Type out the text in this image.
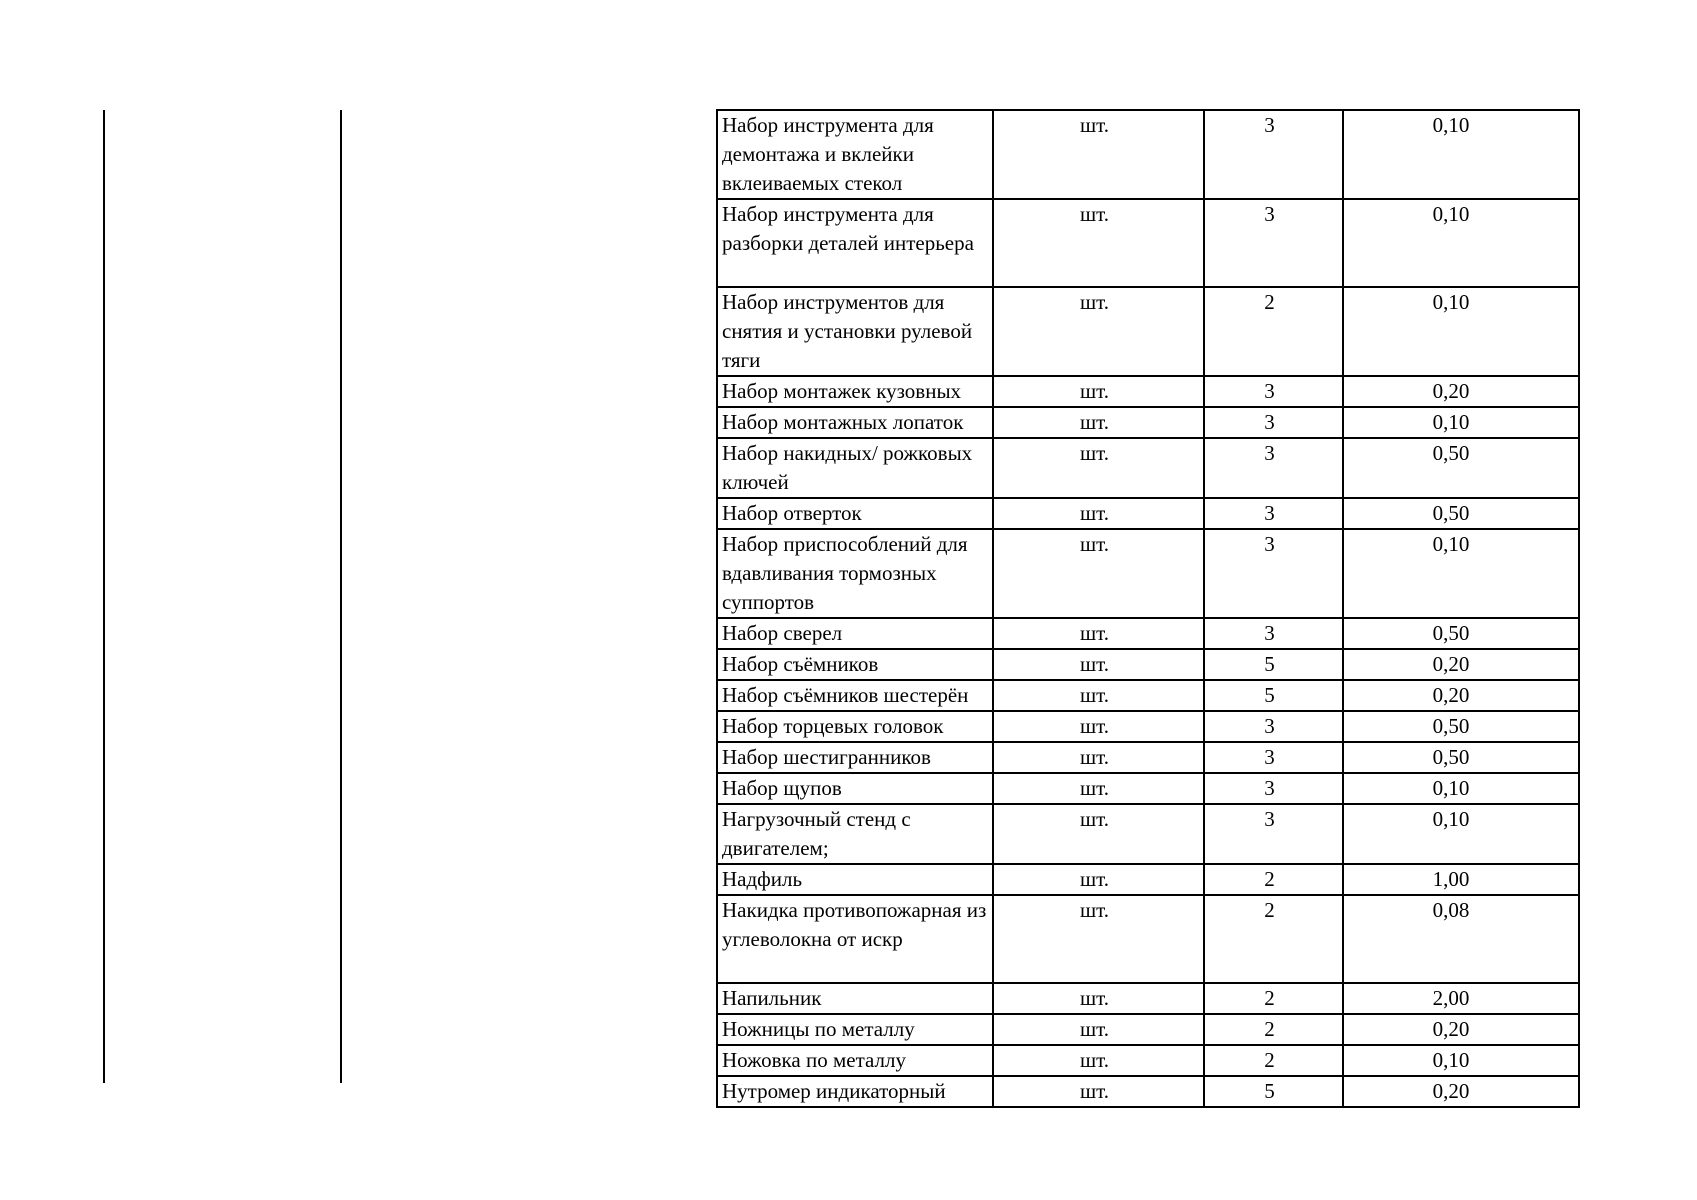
Набор инструмента для демонтажа и вклейки вклеиваемых стекол	шт.	3	0,10

Набор инструмента для разборки деталей интерьера	шт.	3	0,10

Набор инструментов для снятия и установки рулевой тяги	шт.	2	0,10

Набор монтажек кузовных	шт.	3	0,20

Набор монтажных лопаток	шт.	3	0,10

Набор накидных/ рожковых ключей	шт.	3	0,50

Набор отверток	шт.	3	0,50

Набор приспособлений для вдавливания тормозных суппортов	шт.	3	0,10

Набор сверел	шт.	3	0,50

Набор съёмников	шт.	5	0,20

Набор съёмников шестерён	шт.	5	0,20

Набор торцевых головок	шт.	3	0,50

Набор шестигранников	шт.	3	0,50

Набор щупов	шт.	3	0,10

Нагрузочный стенд с двигателем;	шт.	3	0,10

Надфиль	шт.	2	1,00

Накидка противопожарная из углеволокна от искр	шт.	2	0,08

Напильник	шт.	2	2,00

Ножницы по металлу	шт.	2	0,20

Ножовка по металлу	шт.	2	0,10

Нутромер индикаторный	шт.	5	0,20
